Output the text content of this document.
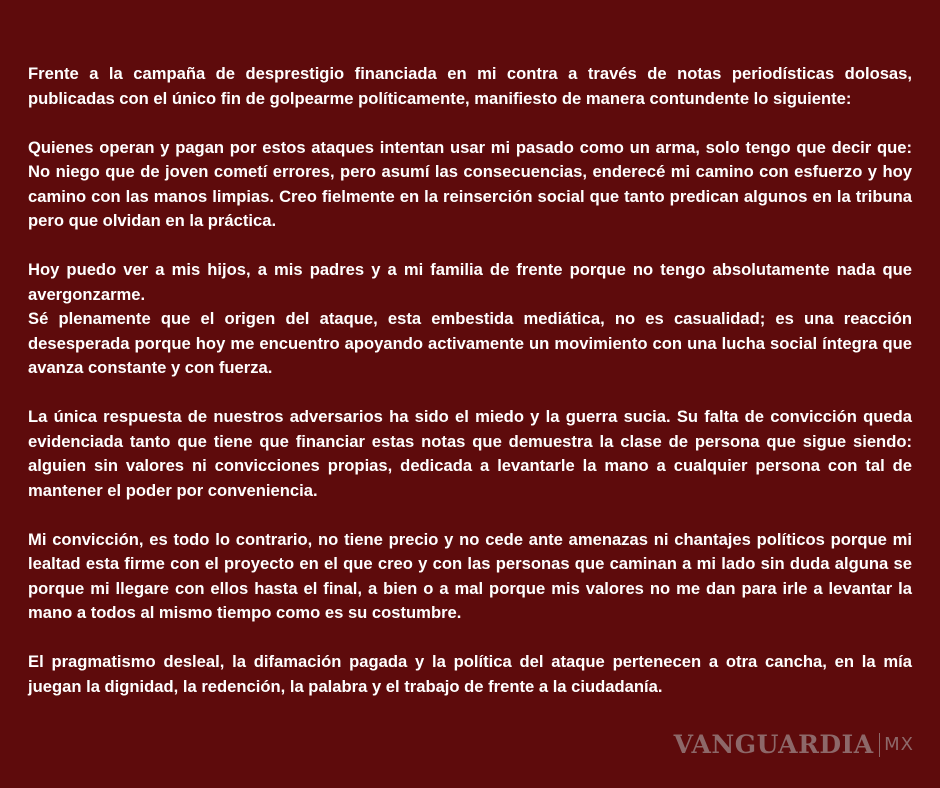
Frente a la campaña de desprestigio financiada en mi contra a través de notas periodísticas dolosas, publicadas con el único fin de golpearme políticamente, manifiesto de manera contundente lo siguiente:

Quienes operan y pagan por estos ataques intentan usar mi pasado como un arma, solo tengo que decir que: No niego que de joven cometí errores, pero asumí las consecuencias, enderecé mi camino con esfuerzo y hoy camino con las manos limpias. Creo fielmente en la reinserción social que tanto predican algunos en la tribuna pero que olvidan en la práctica.

Hoy puedo ver a mis hijos, a mis padres y a mi familia de frente porque no tengo absolutamente nada que avergonzarme.

Sé plenamente que el origen del ataque, esta embestida mediática, no es casualidad; es una reacción desesperada porque hoy me encuentro apoyando activamente un movimiento con una lucha social íntegra que avanza constante y con fuerza.

La única respuesta de nuestros adversarios ha sido el miedo y la guerra sucia. Su falta de convicción queda evidenciada tanto que tiene que financiar estas notas que demuestra la clase de persona que sigue siendo: alguien sin valores ni convicciones propias, dedicada a levantarle la mano a cualquier persona con tal de mantener el poder por conveniencia.

Mi convicción, es todo lo contrario, no tiene precio y no cede ante amenazas ni chantajes políticos porque mi lealtad esta firme con el proyecto en el que creo y con las personas que caminan a mi lado sin duda alguna se porque mi llegare con ellos hasta el final, a bien o a mal porque mis valores no me dan para irle a levantar la mano a todos al mismo tiempo como es su costumbre.

El pragmatismo desleal, la difamación pagada y la política del ataque pertenecen a otra cancha, en la mía juegan la dignidad, la redención, la palabra y el trabajo de frente a la ciudadanía.

VANGUARDIA MX
